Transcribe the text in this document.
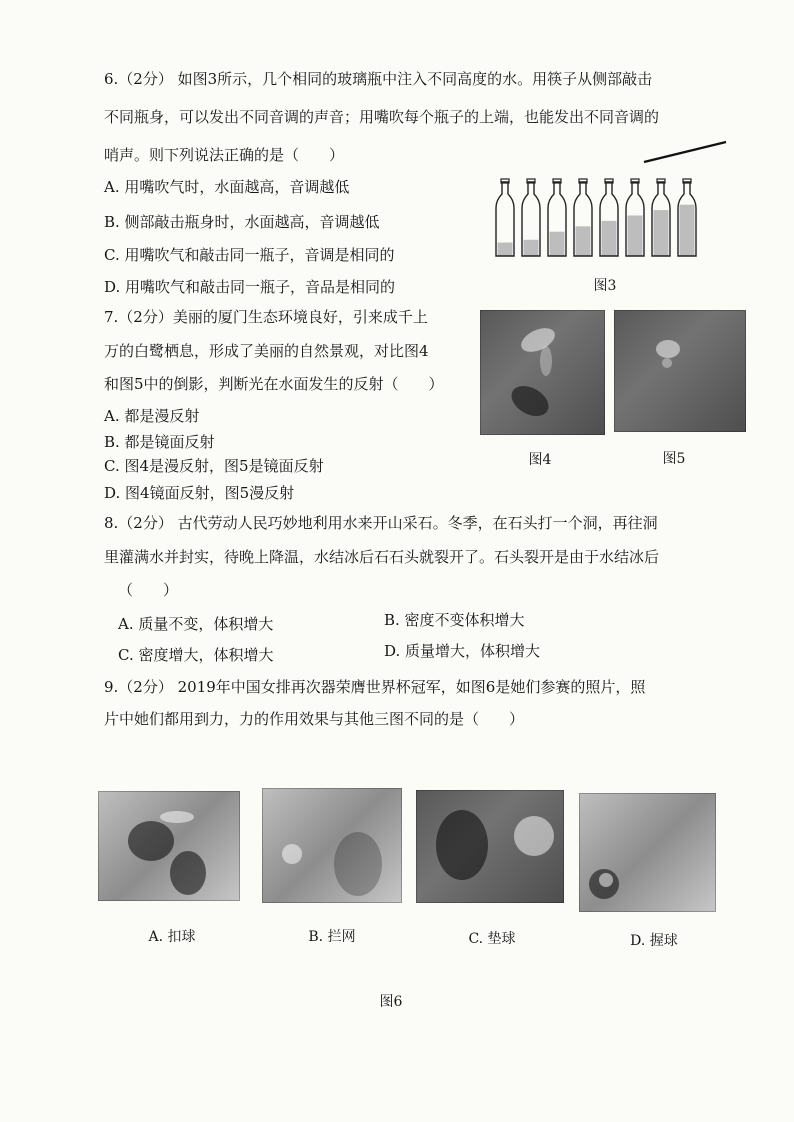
6.（2分） 如图3所示，几个相同的玻璃瓶中注入不同高度的水。用筷子从侧部敲击
不同瓶身，可以发出不同音调的声音；用嘴吹每个瓶子的上端，也能发出不同音调的
哨声。则下列说法正确的是（　　）
A. 用嘴吹气时，水面越高，音调越低
B. 侧部敲击瓶身时，水面越高，音调越低
C. 用嘴吹气和敲击同一瓶子，音调是相同的
D. 用嘴吹气和敲击同一瓶子，音品是相同的	图3
7.（2分）美丽的厦门生态环境良好，引来成千上
万的白鹭栖息，形成了美丽的自然景观，对比图4
和图5中的倒影，判断光在水面发生的反射（　　）
A. 都是漫反射
B. 都是镜面反射
C. 图4是漫反射，图5是镜面反射
D. 图4镜面反射，图5漫反射
图4	图5
8.（2分） 古代劳动人民巧妙地利用水来开山采石。冬季，在石头打一个洞，再往洞
里灌满水并封实，待晚上降温，水结冰后石石头就裂开了。石头裂开是由于水结冰后
（　　）
A. 质量不变，体积增大	B. 密度不变体积增大
C. 密度增大，体积增大	D. 质量增大，体积增大
9.（2分） 2019年中国女排再次器荣膺世界杯冠军，如图6是她们参赛的照片，照
片中她们都用到力，力的作用效果与其他三图不同的是（　　）
A. 扣球	B. 拦网	C. 垫球	D. 握球
图6
